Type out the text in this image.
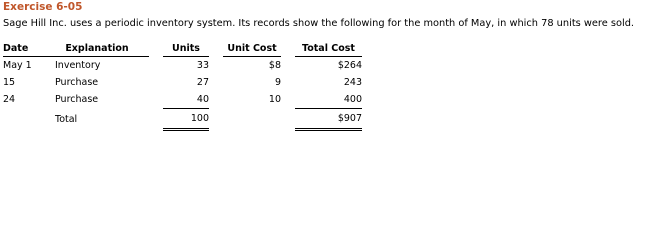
Exercise 6-05
Sage Hill Inc. uses a periodic inventory system. Its records show the following for the month of May, in which 78 units were sold.
Date	Explanation		Units		Unit Cost		Total Cost
May 1	Inventory		33		$8		$264
15	Purchase		27		9		243
24	Purchase		40		10		400
	Total		100				$907
